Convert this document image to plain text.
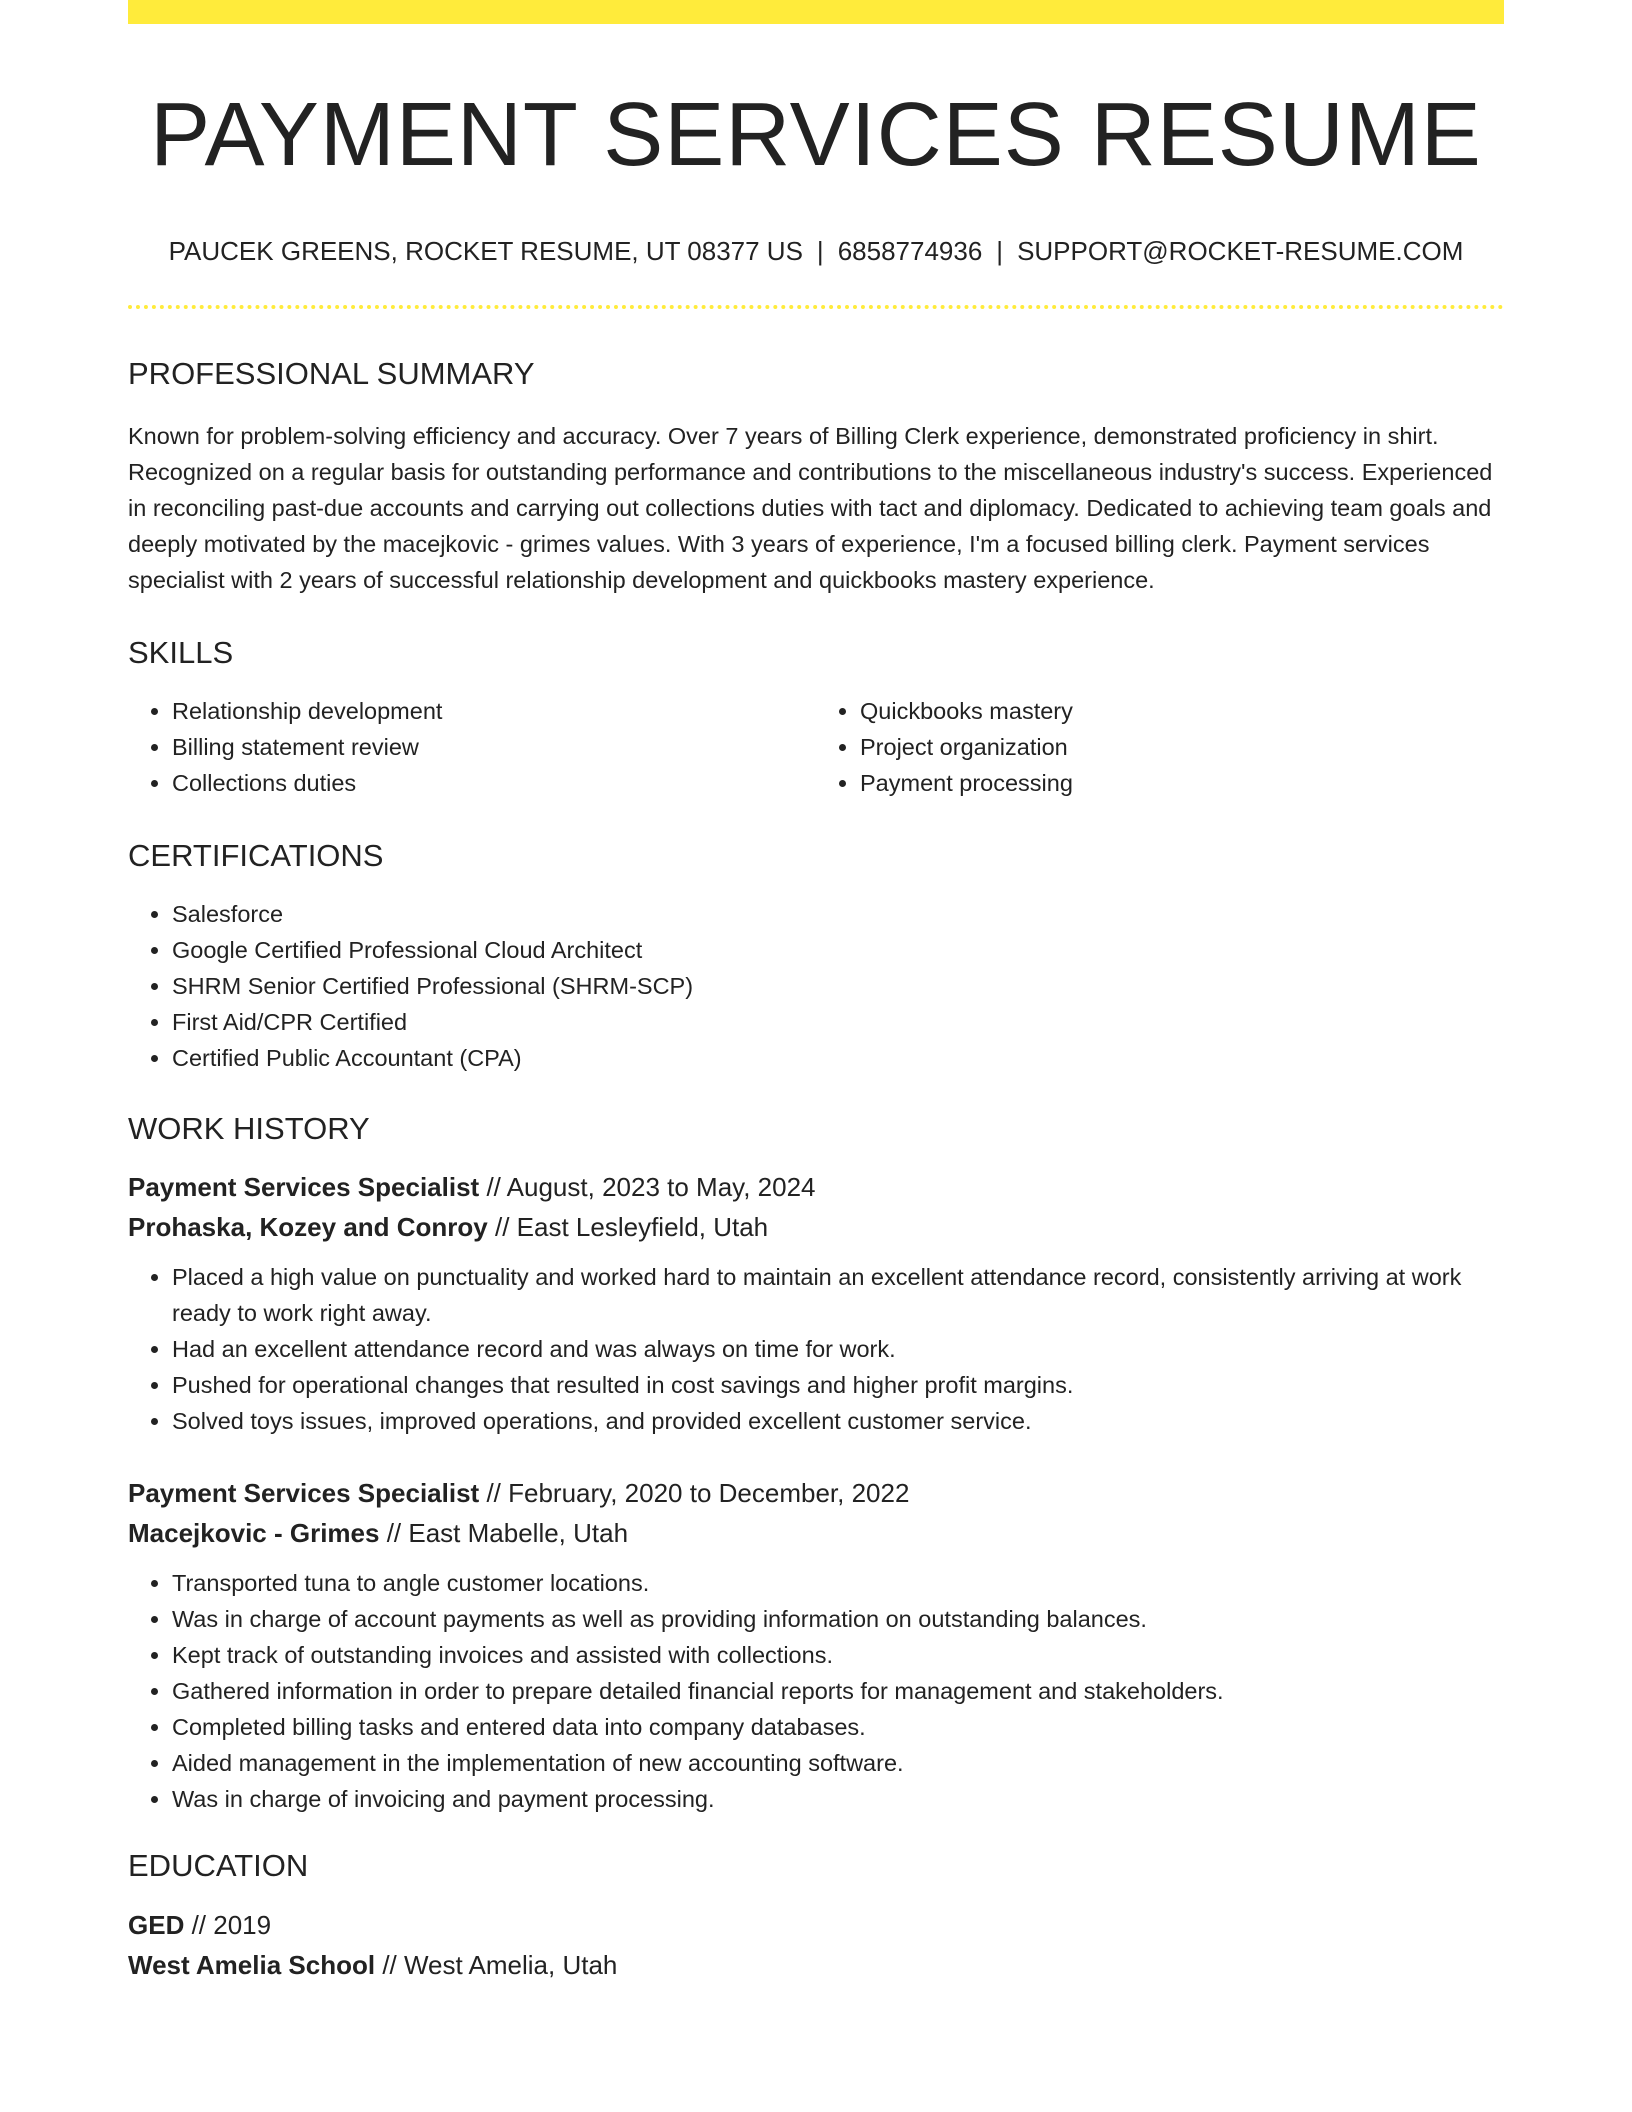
PAYMENT SERVICES RESUME
PAUCEK GREENS, ROCKET RESUME, UT 08377 US | 6858774936 | SUPPORT@ROCKET-RESUME.COM
PROFESSIONAL SUMMARY

Known for problem-solving efficiency and accuracy. Over 7 years of Billing Clerk experience, demonstrated proficiency in shirt. Recognized on a regular basis for outstanding performance and contributions to the miscellaneous industry's success. Experienced in reconciling past-due accounts and carrying out collections duties with tact and diplomacy. Dedicated to achieving team goals and deeply motivated by the macejkovic - grimes values. With 3 years of experience, I'm a focused billing clerk. Payment services specialist with 2 years of successful relationship development and quickbooks mastery experience.

SKILLS
• Relationship development
• Billing statement review
• Collections duties
• Quickbooks mastery
• Project organization
• Payment processing
CERTIFICATIONS
• Salesforce
• Google Certified Professional Cloud Architect
• SHRM Senior Certified Professional (SHRM-SCP)
• First Aid/CPR Certified
• Certified Public Accountant (CPA)
WORK HISTORY
Payment Services Specialist // August, 2023 to May, 2024
Prohaska, Kozey and Conroy // East Lesleyfield, Utah
• Placed a high value on punctuality and worked hard to maintain an excellent attendance record, consistently arriving at work ready to work right away.
• Had an excellent attendance record and was always on time for work.
• Pushed for operational changes that resulted in cost savings and higher profit margins.
• Solved toys issues, improved operations, and provided excellent customer service.
Payment Services Specialist // February, 2020 to December, 2022
Macejkovic - Grimes // East Mabelle, Utah
• Transported tuna to angle customer locations.
• Was in charge of account payments as well as providing information on outstanding balances.
• Kept track of outstanding invoices and assisted with collections.
• Gathered information in order to prepare detailed financial reports for management and stakeholders.
• Completed billing tasks and entered data into company databases.
• Aided management in the implementation of new accounting software.
• Was in charge of invoicing and payment processing.
EDUCATION
GED // 2019
West Amelia School // West Amelia, Utah
